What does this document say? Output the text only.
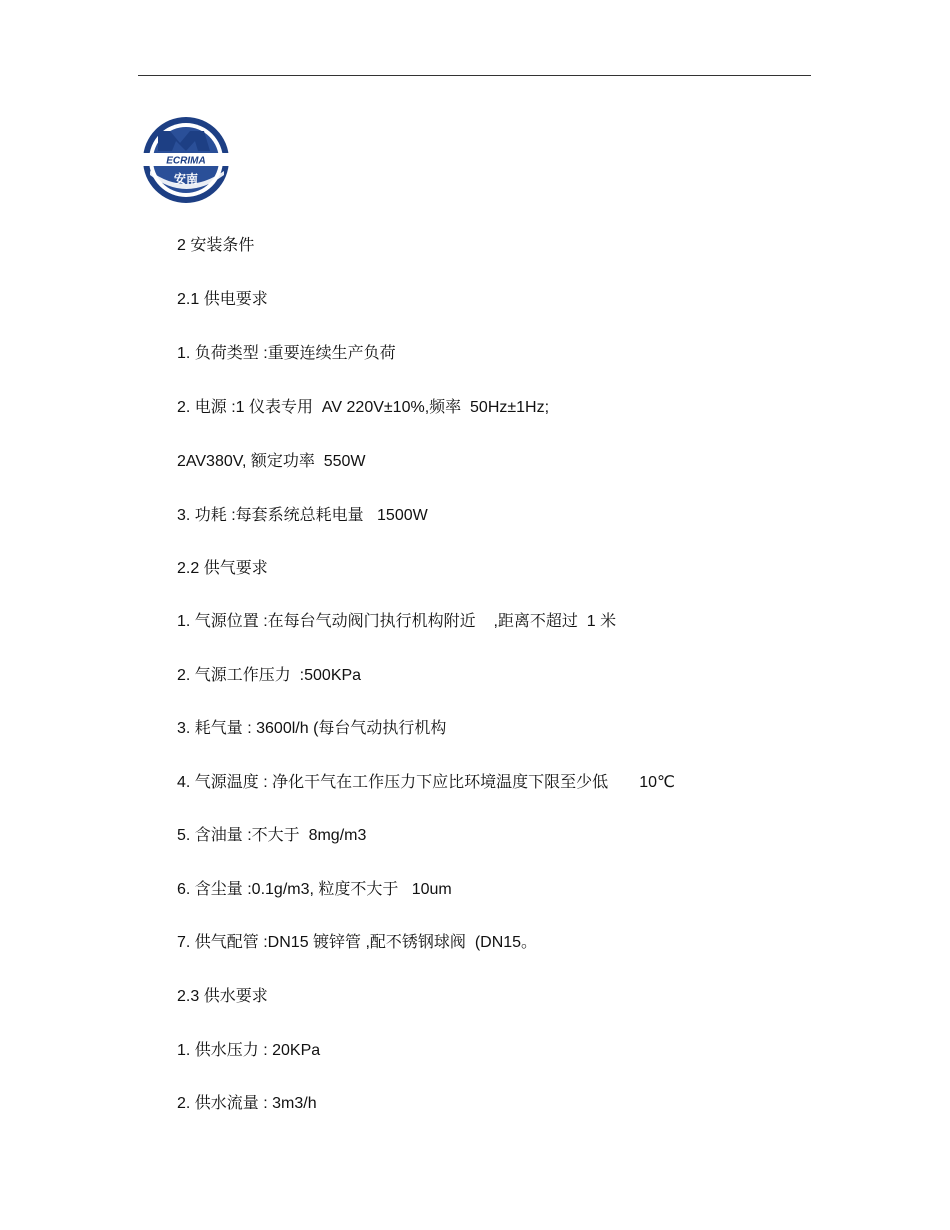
ECRIMA
安南
2 安装条件
2.1 供电要求
1. 负荷类型 :重要连续生产负荷
2. 电源 :1 仪表专用  AV 220V±10%,频率  50Hz±1Hz;
2AV380V, 额定功率  550W
3. 功耗 :每套系统总耗电量   1500W
2.2 供气要求
1. 气源位置 :在每台气动阀门执行机构附近    ,距离不超过  1 米
2. 气源工作压力  :500KPa
3. 耗气量 : 3600l/h (每台气动执行机构
4. 气源温度 : 净化干气在工作压力下应比环境温度下限至少低       10℃
5. 含油量 :不大于  8mg/m3
6. 含尘量 :0.1g/m3, 粒度不大于   10um
7. 供气配管 :DN15 镀锌管 ,配不锈钢球阀  (DN15。
2.3 供水要求
1. 供水压力 : 20KPa
2. 供水流量 : 3m3/h
